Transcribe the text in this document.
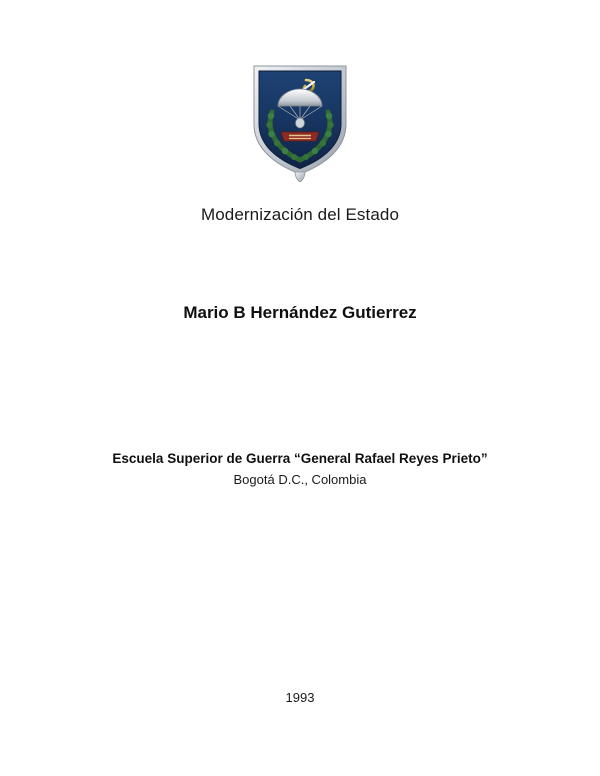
Modernización del Estado
Mario B Hernández Gutierrez
Escuela Superior de Guerra “General Rafael Reyes Prieto”
Bogotá D.C., Colombia
1993
